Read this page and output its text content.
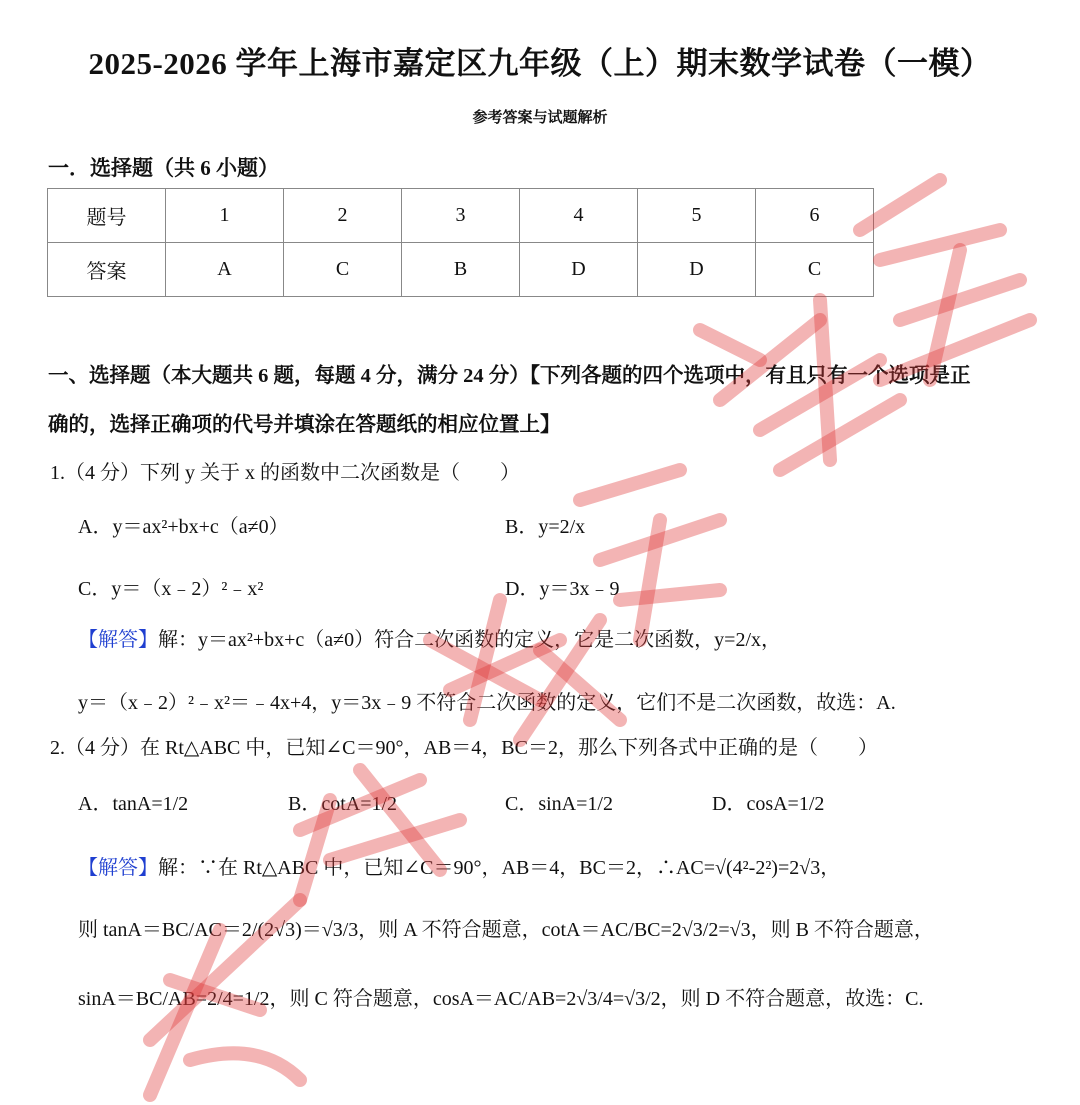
2025-2026 学年上海市嘉定区九年级（上）期末数学试卷（一模）
参考答案与试题解析
一．选择题（共 6 小题）
题号	1	2	3	4	5	6
答案	A	C	B	D	D	C
一、选择题（本大题共 6 题，每题 4 分，满分 24 分）【下列各题的四个选项中，有且只有一个选项是正
确的，选择正确项的代号并填涂在答题纸的相应位置上】
1.（4 分）下列 y 关于 x 的函数中二次函数是（　　）
A．y＝ax²+bx+c（a≠0）	B．y=2/x
C．y＝（x﹣2）²﹣x²	D．y＝3x﹣9
【解答】解：y＝ax²+bx+c（a≠0）符合二次函数的定义，它是二次函数，y=2/x，
y＝（x﹣2）²﹣x²＝﹣4x+4，y＝3x﹣9 不符合二次函数的定义，它们不是二次函数，故选：A.
2.（4 分）在 Rt△ABC 中，已知∠C＝90°，AB＝4，BC＝2，那么下列各式中正确的是（　　）
A．tanA=1/2	B．cotA=1/2	C．sinA=1/2	D．cosA=1/2
【解答】解：∵在 Rt△ABC 中，已知∠C＝90°，AB＝4，BC＝2，∴AC=√(4²-2²)=2√3，
则 tanA＝BC/AC＝2/(2√3)＝√3/3，则 A 不符合题意，cotA＝AC/BC=2√3/2=√3，则 B 不符合题意，
sinA＝BC/AB=2/4=1/2，则 C 符合题意，cosA＝AC/AB=2√3/4=√3/2，则 D 不符合题意，故选：C.
